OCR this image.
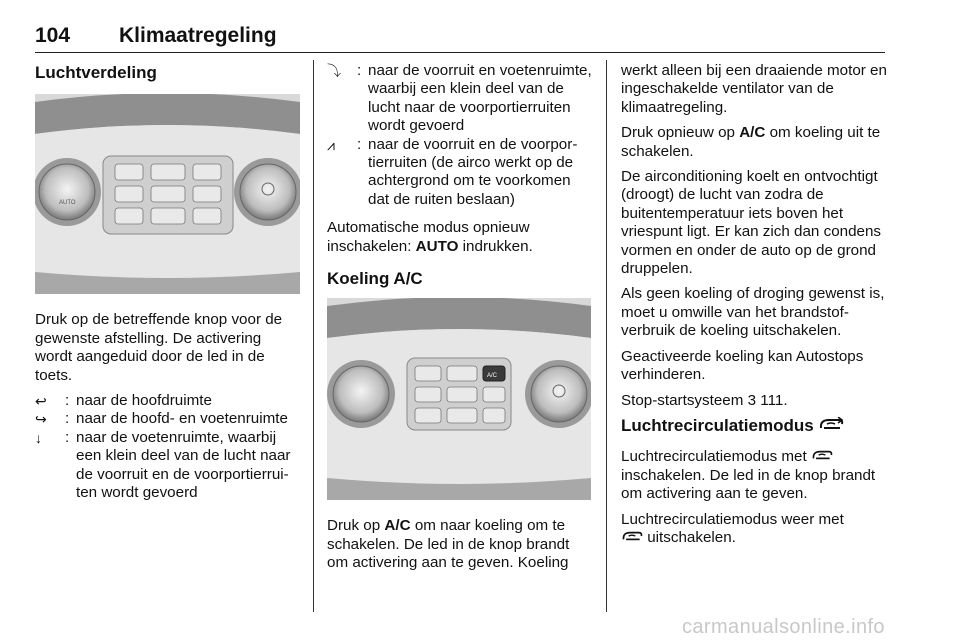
104 Klimaatregeling
Luchtverdeling
AUTO

Druk op de betreffende knop voor de gewenste afstelling. De activering wordt aangeduid door de led in de toets.

↩	: naar de hoofdruimte
↪	: naar de hoofd- en voetenruimte
↓	: naar de voetenruimte, waarbij een klein deel van de lucht naar de voorruit en de voorportierruiten wordt gevoerd
⤵	: naar de voorruit en voetenruimte, waarbij een klein deel van de lucht naar de voorportierruiten wordt gevoerd
⩘	: naar de voorruit en de voorportierruiten (de airco werkt op de achtergrond om te voorkomen dat de ruiten beslaan)

Automatische modus opnieuw inschakelen: AUTO indrukken.

Koeling A/C
A/C

Druk op A/C om naar koeling om te schakelen. De led in de knop brandt om activering aan te geven. Koeling

werkt alleen bij een draaiende motor en ingeschakelde ventilator van de klimaatregeling.

Druk opnieuw op A/C om koeling uit te schakelen.

De airconditioning koelt en ontvochtigt (droogt) de lucht van zodra de buitentemperatuur iets boven het vriespunt ligt. Er kan zich dan condens vormen en onder de auto op de grond druppelen.

Als geen koeling of droging gewenst is, moet u omwille van het brandstofverbruik de koeling uitschakelen.

Geactiveerde koeling kan Autostops verhinderen.

Stop-startsysteem 3 111.

Luchtrecirculatiemodus

Luchtrecirculatiemodus met  inschakelen. De led in de knop brandt om activering aan te geven.

Luchtrecirculatiemodus weer met
uitschakelen.

carmanualsonline.info
